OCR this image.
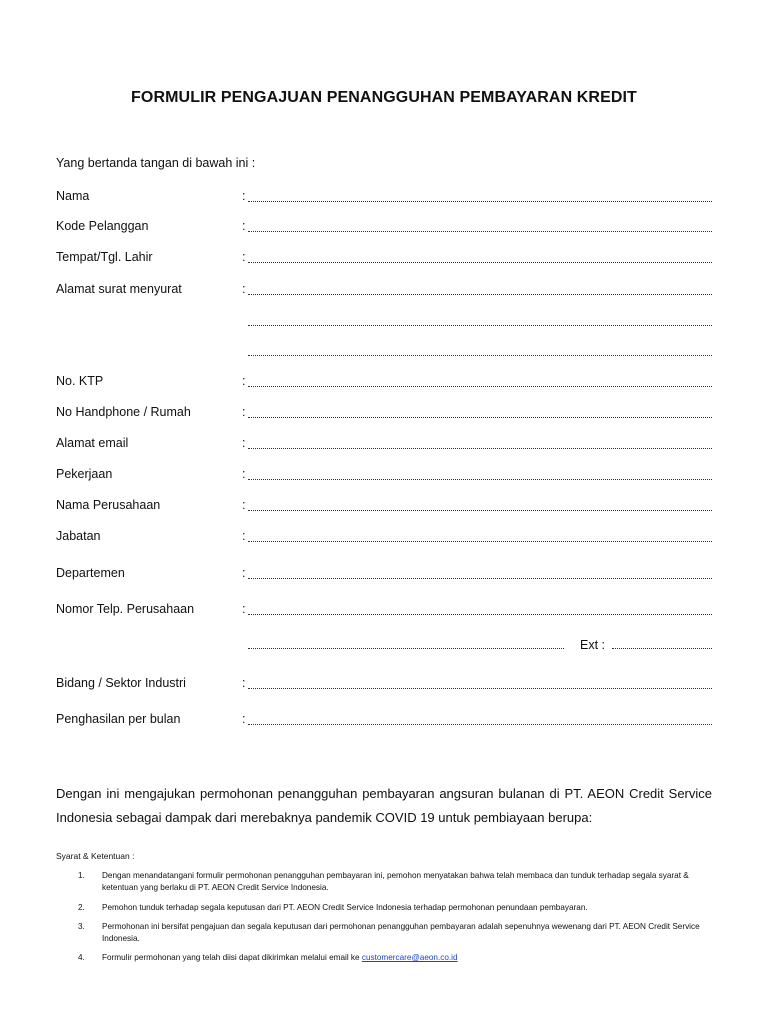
FORMULIR PENGAJUAN PENANGGUHAN PEMBAYARAN KREDIT
Yang bertanda tangan di bawah ini :
Nama	:
Kode Pelanggan	:
Tempat/Tgl. Lahir	:
Alamat surat menyurat	:
No. KTP	:
No Handphone / Rumah	:
Alamat email	:
Pekerjaan	:
Nama Perusahaan	:
Jabatan	:
Departemen	:
Nomor Telp. Perusahaan	:
Ext :
Bidang / Sektor Industri	:
Penghasilan per bulan	:
Dengan ini mengajukan permohonan penangguhan pembayaran angsuran bulanan di PT. AEON Credit Service Indonesia sebagai dampak dari merebaknya pandemik COVID 19 untuk pembiayaan berupa:
Syarat & Ketentuan :
1. Dengan menandatangani formulir permohonan penangguhan pembayaran ini, pemohon menyatakan bahwa telah membaca dan tunduk terhadap segala syarat & ketentuan yang berlaku di PT. AEON Credit Service Indonesia.
2. Pemohon tunduk terhadap segala keputusan dari PT. AEON Credit Service Indonesia terhadap permohonan penundaan pembayaran.
3. Permohonan ini bersifat pengajuan dan segala keputusan dari permohonan penangguhan pembayaran adalah sepenuhnya wewenang dari PT. AEON Credit Service Indonesia.
4. Formulir permohonan yang telah diisi dapat dikirimkan melalui email ke customercare@aeon.co.id
